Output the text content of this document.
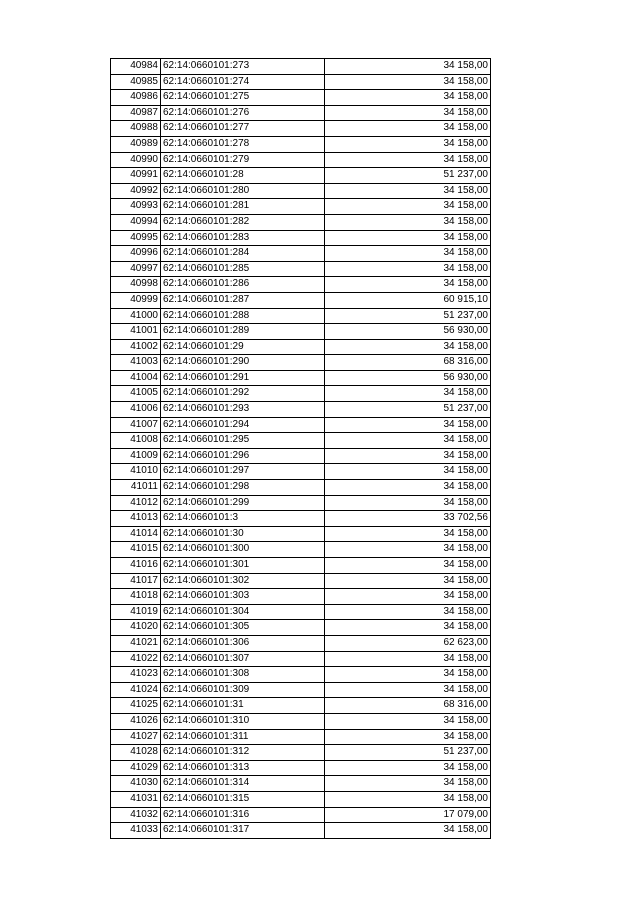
40984	62:14:0660101:273	34 158,00
40985	62:14:0660101:274	34 158,00
40986	62:14:0660101:275	34 158,00
40987	62:14:0660101:276	34 158,00
40988	62:14:0660101:277	34 158,00
40989	62:14:0660101:278	34 158,00
40990	62:14:0660101:279	34 158,00
40991	62:14:0660101:28	51 237,00
40992	62:14:0660101:280	34 158,00
40993	62:14:0660101:281	34 158,00
40994	62:14:0660101:282	34 158,00
40995	62:14:0660101:283	34 158,00
40996	62:14:0660101:284	34 158,00
40997	62:14:0660101:285	34 158,00
40998	62:14:0660101:286	34 158,00
40999	62:14:0660101:287	60 915,10
41000	62:14:0660101:288	51 237,00
41001	62:14:0660101:289	56 930,00
41002	62:14:0660101:29	34 158,00
41003	62:14:0660101:290	68 316,00
41004	62:14:0660101:291	56 930,00
41005	62:14:0660101:292	34 158,00
41006	62:14:0660101:293	51 237,00
41007	62:14:0660101:294	34 158,00
41008	62:14:0660101:295	34 158,00
41009	62:14:0660101:296	34 158,00
41010	62:14:0660101:297	34 158,00
41011	62:14:0660101:298	34 158,00
41012	62:14:0660101:299	34 158,00
41013	62:14:0660101:3	33 702,56
41014	62:14:0660101:30	34 158,00
41015	62:14:0660101:300	34 158,00
41016	62:14:0660101:301	34 158,00
41017	62:14:0660101:302	34 158,00
41018	62:14:0660101:303	34 158,00
41019	62:14:0660101:304	34 158,00
41020	62:14:0660101:305	34 158,00
41021	62:14:0660101:306	62 623,00
41022	62:14:0660101:307	34 158,00
41023	62:14:0660101:308	34 158,00
41024	62:14:0660101:309	34 158,00
41025	62:14:0660101:31	68 316,00
41026	62:14:0660101:310	34 158,00
41027	62:14:0660101:311	34 158,00
41028	62:14:0660101:312	51 237,00
41029	62:14:0660101:313	34 158,00
41030	62:14:0660101:314	34 158,00
41031	62:14:0660101:315	34 158,00
41032	62:14:0660101:316	17 079,00
41033	62:14:0660101:317	34 158,00
